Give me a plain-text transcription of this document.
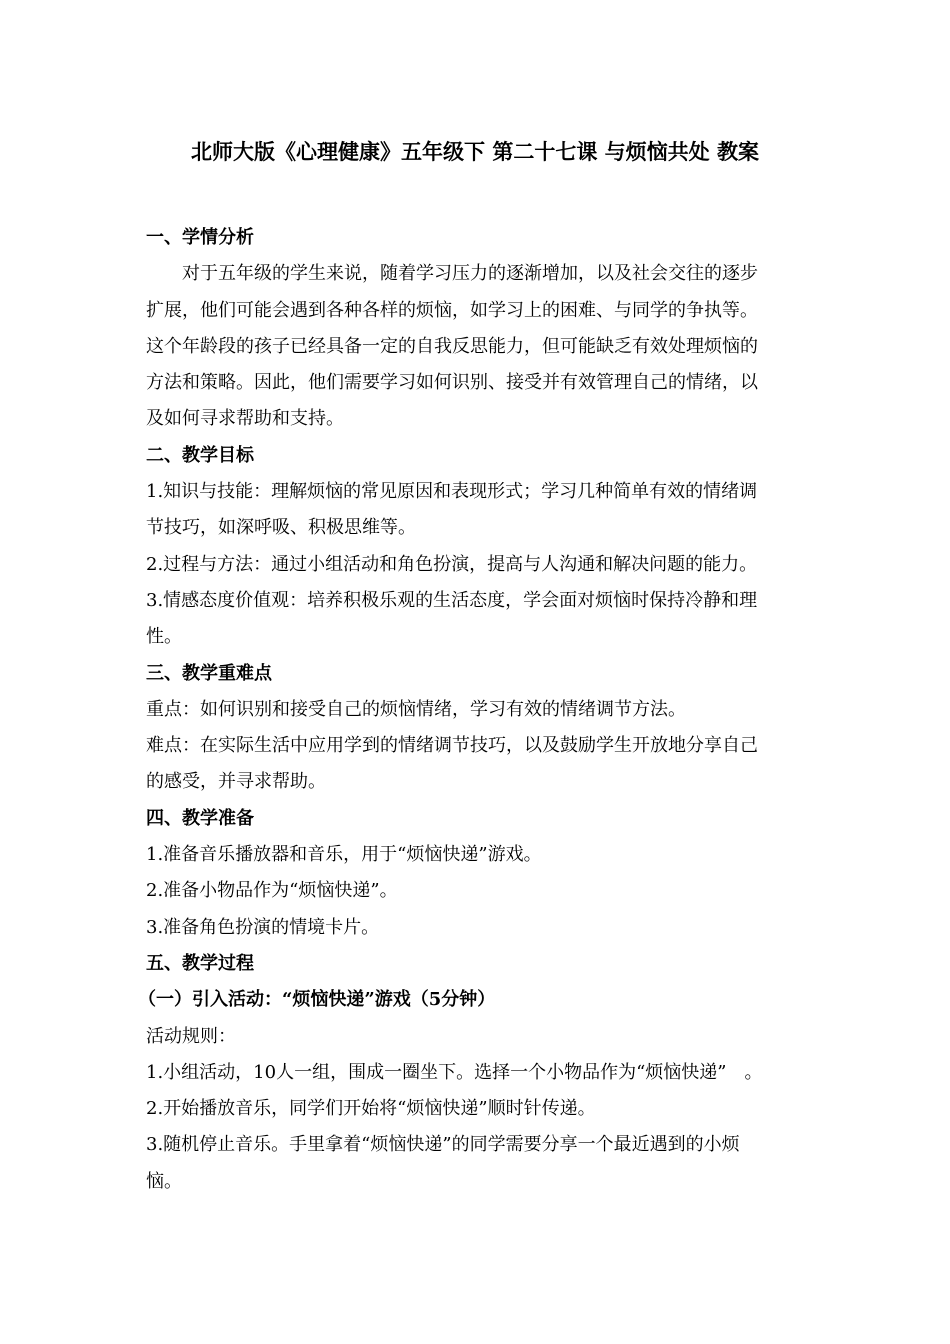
北师大版《心理健康》五年级下 第二十七课 与烦恼共处 教案
一、学情分析
对于五年级的学生来说，随着学习压力的逐渐增加，以及社会交往的逐步
扩展，他们可能会遇到各种各样的烦恼，如学习上的困难、与同学的争执等。
这个年龄段的孩子已经具备一定的自我反思能力，但可能缺乏有效处理烦恼的
方法和策略。因此，他们需要学习如何识别、接受并有效管理自己的情绪，以
及如何寻求帮助和支持。
二、教学目标
1.知识与技能：理解烦恼的常见原因和表现形式；学习几种简单有效的情绪调
节技巧，如深呼吸、积极思维等。
2.过程与方法：通过小组活动和角色扮演，提高与人沟通和解决问题的能力。
3.情感态度价值观：培养积极乐观的生活态度，学会面对烦恼时保持冷静和理
性。
三、教学重难点
重点：如何识别和接受自己的烦恼情绪，学习有效的情绪调节方法。
难点：在实际生活中应用学到的情绪调节技巧，以及鼓励学生开放地分享自己
的感受，并寻求帮助。
四、教学准备
1.准备音乐播放器和音乐，用于“烦恼快递”游戏。
2.准备小物品作为“烦恼快递”。
3.准备角色扮演的情境卡片。
五、教学过程
（一）引入活动：“烦恼快递”游戏（5分钟）
活动规则：
1.小组活动，10人一组，围成一圈坐下。选择一个小物品作为“烦恼快递”　。
2.开始播放音乐，同学们开始将“烦恼快递”顺时针传递。
3.随机停止音乐。手里拿着“烦恼快递”的同学需要分享一个最近遇到的小烦
恼。
